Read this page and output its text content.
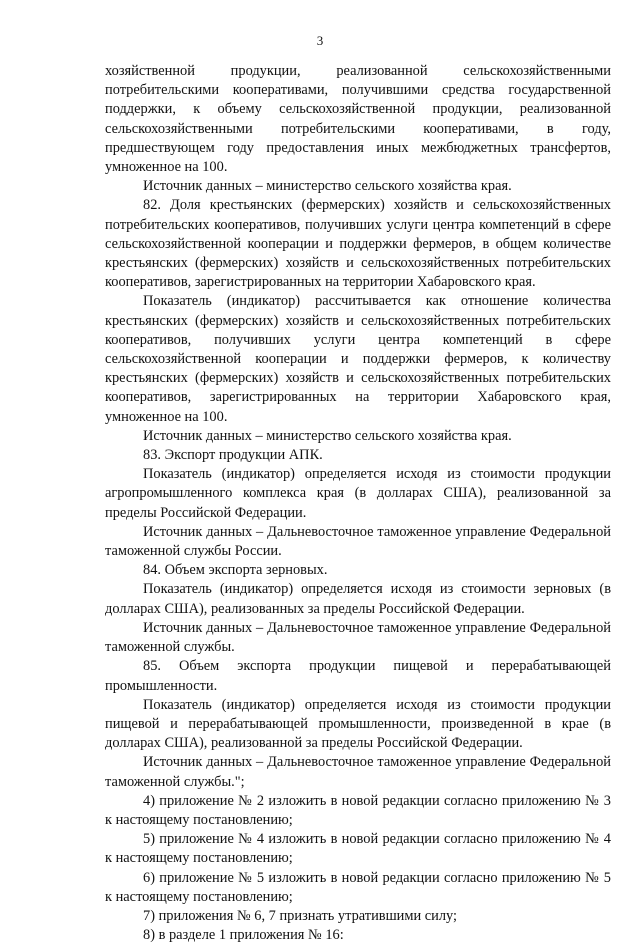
3

хозяйственной продукции, реализованной сельскохозяйственными потребительскими кооперативами, получившими средства государственной поддержки, к объему сельскохозяйственной продукции, реализованной сельскохозяйственными потребительскими кооперативами, в году, предшествующем году предоставления иных межбюджетных трансфертов, умноженное на 100.

Источник данных – министерство сельского хозяйства края.

82. Доля крестьянских (фермерских) хозяйств и сельскохозяйственных потребительских кооперативов, получивших услуги центра компетенций в сфере сельскохозяйственной кооперации и поддержки фермеров, в общем количестве крестьянских (фермерских) хозяйств и сельскохозяйственных потребительских кооперативов, зарегистрированных на территории Хабаровского края.

Показатель (индикатор) рассчитывается как отношение количества крестьянских (фермерских) хозяйств и сельскохозяйственных потребительских кооперативов, получивших услуги центра компетенций в сфере сельскохозяйственной кооперации и поддержки фермеров, к количеству крестьянских (фермерских) хозяйств и сельскохозяйственных потребительских кооперативов, зарегистрированных на территории Хабаровского края, умноженное на 100.

Источник данных – министерство сельского хозяйства края.

83. Экспорт продукции АПК.

Показатель (индикатор) определяется исходя из стоимости продукции агропромышленного комплекса края (в долларах США), реализованной за пределы Российской Федерации.

Источник данных – Дальневосточное таможенное управление Федеральной таможенной службы России.

84. Объем экспорта зерновых.

Показатель (индикатор) определяется исходя из стоимости зерновых (в долларах США), реализованных за пределы Российской Федерации.

Источник данных – Дальневосточное таможенное управление Федеральной таможенной службы.

85. Объем экспорта продукции пищевой и перерабатывающей промышленности.

Показатель (индикатор) определяется исходя из стоимости продукции пищевой и перерабатывающей промышленности, произведенной в крае (в долларах США), реализованной за пределы Российской Федерации.

Источник данных – Дальневосточное таможенное управление Федеральной таможенной службы.";

4) приложение № 2 изложить в новой редакции согласно приложению № 3 к настоящему постановлению;

5) приложение № 4 изложить в новой редакции согласно приложению № 4 к настоящему постановлению;

6) приложение № 5 изложить в новой редакции согласно приложению № 5 к настоящему постановлению;

7) приложения № 6, 7 признать утратившими силу;

8) в разделе 1 приложения № 16:
